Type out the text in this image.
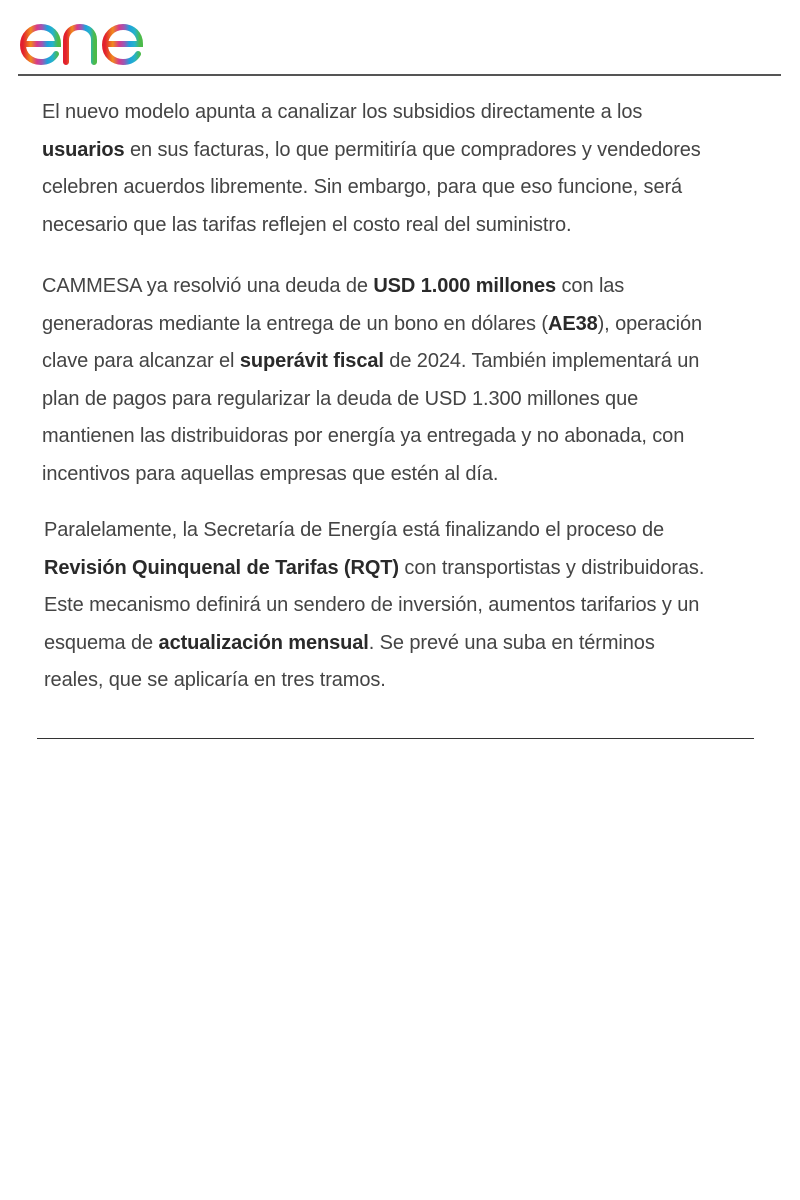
El nuevo modelo apunta a canalizar los subsidios directamente a los
usuarios en sus facturas, lo que permitiría que compradores y vendedores
celebren acuerdos libremente. Sin embargo, para que eso funcione, será
necesario que las tarifas reflejen el costo real del suministro.

CAMMESA ya resolvió una deuda de USD 1.000 millones con las
generadoras mediante la entrega de un bono en dólares (AE38), operación
clave para alcanzar el superávit fiscal de 2024. También implementará un
plan de pagos para regularizar la deuda de USD 1.300 millones que
mantienen las distribuidoras por energía ya entregada y no abonada, con
incentivos para aquellas empresas que estén al día.

Paralelamente, la Secretaría de Energía está finalizando el proceso de
Revisión Quinquenal de Tarifas (RQT) con transportistas y distribuidoras.
Este mecanismo definirá un sendero de inversión, aumentos tarifarios y un
esquema de actualización mensual. Se prevé una suba en términos
reales, que se aplicaría en tres tramos.
